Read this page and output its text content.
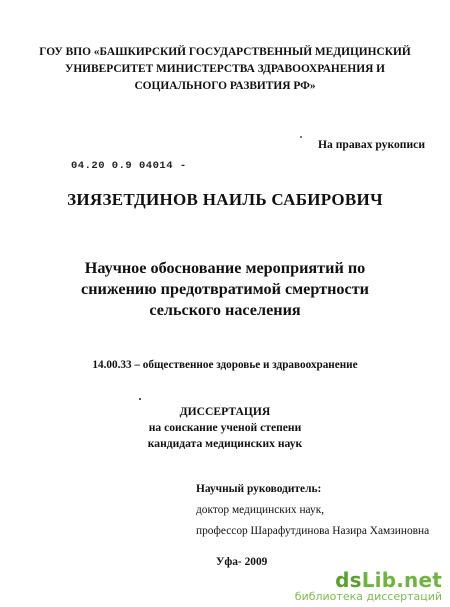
ГОУ ВПО «БАШКИРСКИЙ ГОСУДАРСТВЕННЫЙ МЕДИЦИНСКИЙ
УНИВЕРСИТЕТ МИНИСТЕРСТВА ЗДРАВООХРАНЕНИЯ И
СОЦИАЛЬНОГО РАЗВИТИЯ РФ»
На правах рукописи
04.20 0.9 04014 -
ЗИЯЗЕТДИНОВ НАИЛЬ САБИРОВИЧ
Научное обоснование мероприятий по
снижению предотвратимой смертности
сельского населения
14.00.33 – общественное здоровье и здравоохранение
ДИССЕРТАЦИЯ
на соискание ученой степени
кандидата медицинских наук
Научный руководитель:
доктор медицинских наук,
профессор Шарафутдинова Назира Хамзиновна
Уфа- 2009
dsLib.net
библиотека диссертаций
